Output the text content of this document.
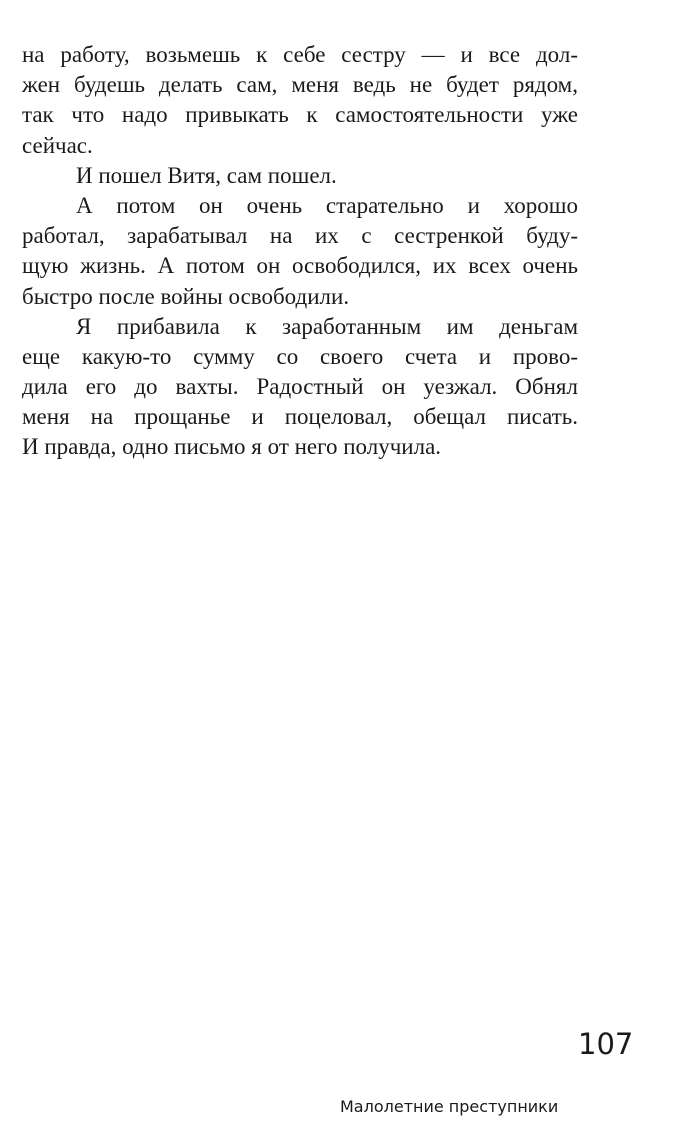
на работу, возьмешь к себе сестру — и все дол-
жен будешь делать сам, меня ведь не будет рядом,
так что надо привыкать к самостоятельности уже
сейчас.
И пошел Витя, сам пошел.
А потом он очень старательно и хорошо
работал, зарабатывал на их с сестренкой буду-
щую жизнь. А потом он освободился, их всех очень
быстро после войны освободили.
Я прибавила к заработанным им деньгам
еще какую-то сумму со своего счета и прово-
дила его до вахты. Радостный он уезжал. Обнял
меня на прощанье и поцеловал, обещал писать.
И правда, одно письмо я от него получила.
107
Малолетние преступники
